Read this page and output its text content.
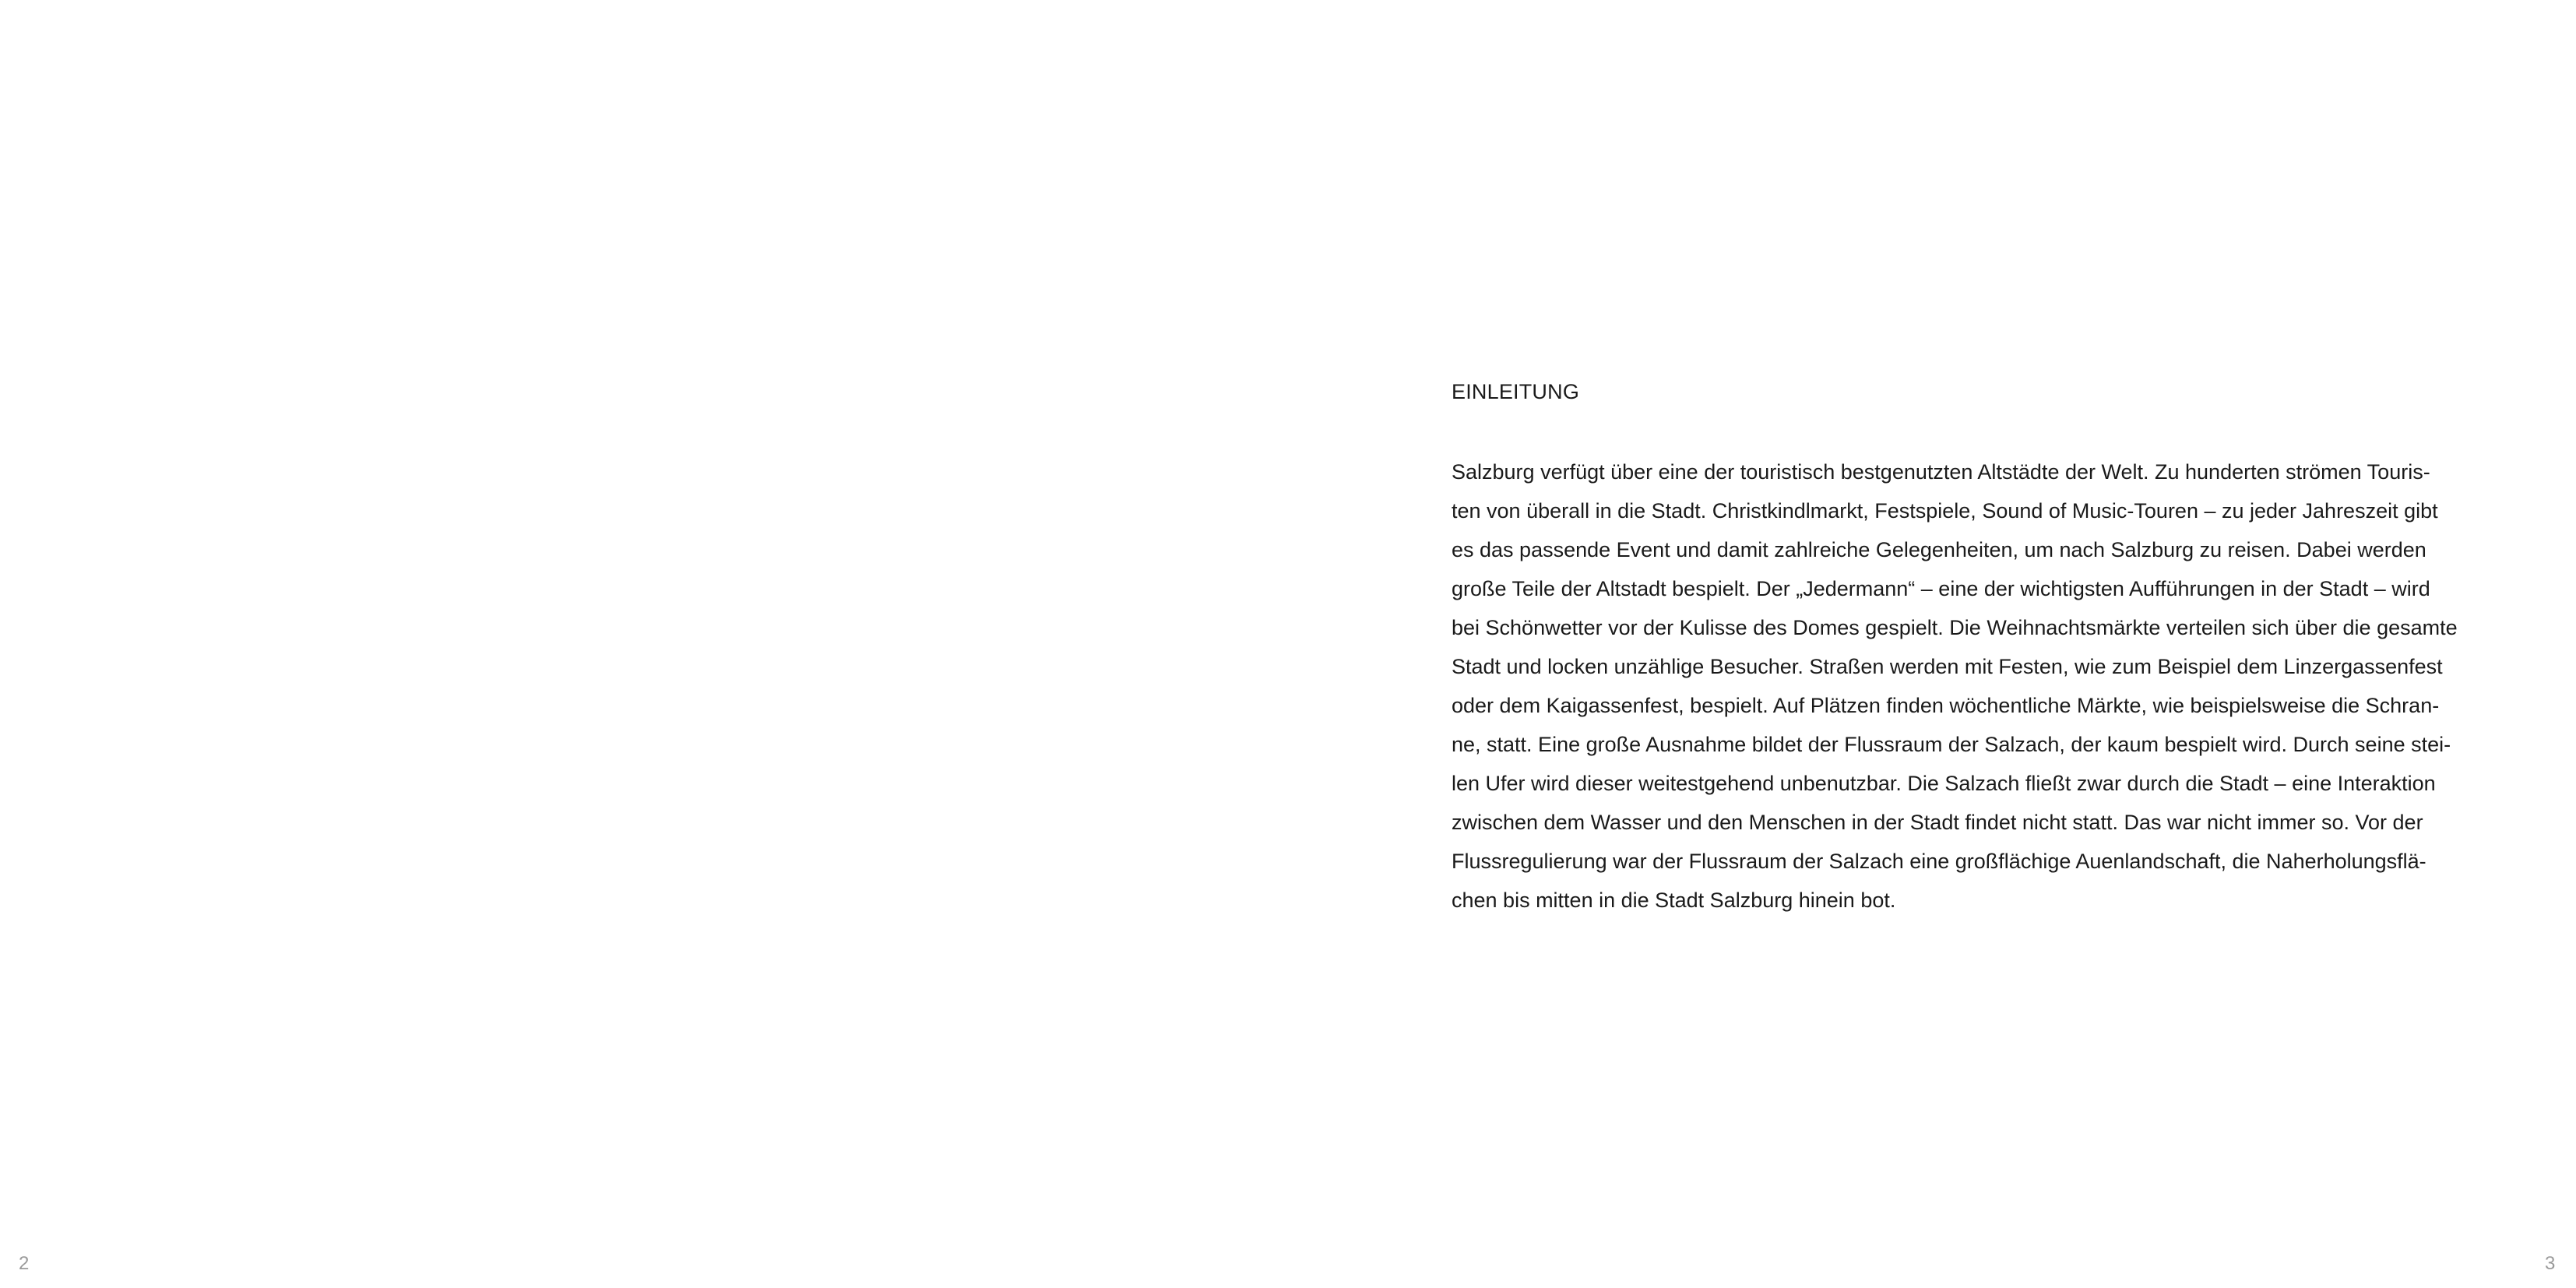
2
EINLEITUNG

Salzburg verfügt über eine der touristisch bestgenutzten Altstädte der Welt. Zu hunderten strömen Touris-
ten von überall in die Stadt. Christkindlmarkt, Festspiele, Sound of Music-Touren – zu jeder Jahreszeit gibt
es das passende Event und damit zahlreiche Gelegenheiten, um nach Salzburg zu reisen. Dabei werden
große Teile der Altstadt bespielt. Der „Jedermann“ – eine der wichtigsten Aufführungen in der Stadt – wird
bei Schönwetter vor der Kulisse des Domes gespielt. Die Weihnachtsmärkte verteilen sich über die gesamte
Stadt und locken unzählige Besucher. Straßen werden mit Festen, wie zum Beispiel dem Linzergassenfest
oder dem Kaigassenfest, bespielt. Auf Plätzen finden wöchentliche Märkte, wie beispielsweise die Schran-
ne, statt. Eine große Ausnahme bildet der Flussraum der Salzach, der kaum bespielt wird. Durch seine stei-
len Ufer wird dieser weitestgehend unbenutzbar. Die Salzach fließt zwar durch die Stadt – eine Interaktion
zwischen dem Wasser und den Menschen in der Stadt findet nicht statt. Das war nicht immer so. Vor der
Flussregulierung war der Flussraum der Salzach eine großflächige Auenlandschaft, die Naherholungsflä-
chen bis mitten in die Stadt Salzburg hinein bot.

3
